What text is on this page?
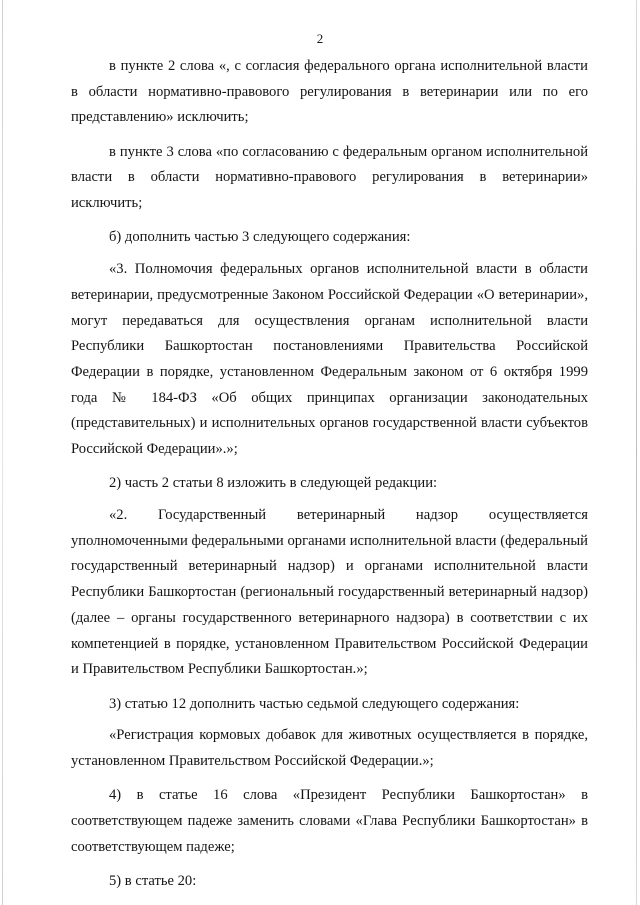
2

в пункте 2 слова «, с согласия федерального органа исполнительной власти в области нормативно-правового регулирования в ветеринарии или по его представлению» исключить;

в пункте 3 слова «по согласованию с федеральным органом исполнительной власти в области нормативно-правового регулирования в ветеринарии» исключить;

б) дополнить частью 3 следующего содержания:

«3. Полномочия федеральных органов исполнительной власти в области ветеринарии, предусмотренные Законом Российской Федерации «О ветеринарии», могут передаваться для осуществления органам исполнительной власти Республики Башкортостан постановлениями Правительства Российской Федерации в порядке, установленном Федеральным законом от 6 октября 1999 года № 184-ФЗ «Об общих принципах организации законодательных (представительных) и исполнительных органов государственной власти субъектов Российской Федерации».»;

2) часть 2 статьи 8 изложить в следующей редакции:

«2. Государственный ветеринарный надзор осуществляется уполномоченными федеральными органами исполнительной власти (федеральный государственный ветеринарный надзор) и органами исполнительной власти Республики Башкортостан (региональный государственный ветеринарный надзор) (далее – органы государственного ветеринарного надзора) в соответствии с их компетенцией в порядке, установленном Правительством Российской Федерации и Правительством Республики Башкортостан.»;

3) статью 12 дополнить частью седьмой следующего содержания:

«Регистрация кормовых добавок для животных осуществляется в порядке, установленном Правительством Российской Федерации.»;

4) в статье 16 слова «Президент Республики Башкортостан» в соответствующем падеже заменить словами «Глава Республики Башкортостан» в соответствующем падеже;

5) в статье 20:
